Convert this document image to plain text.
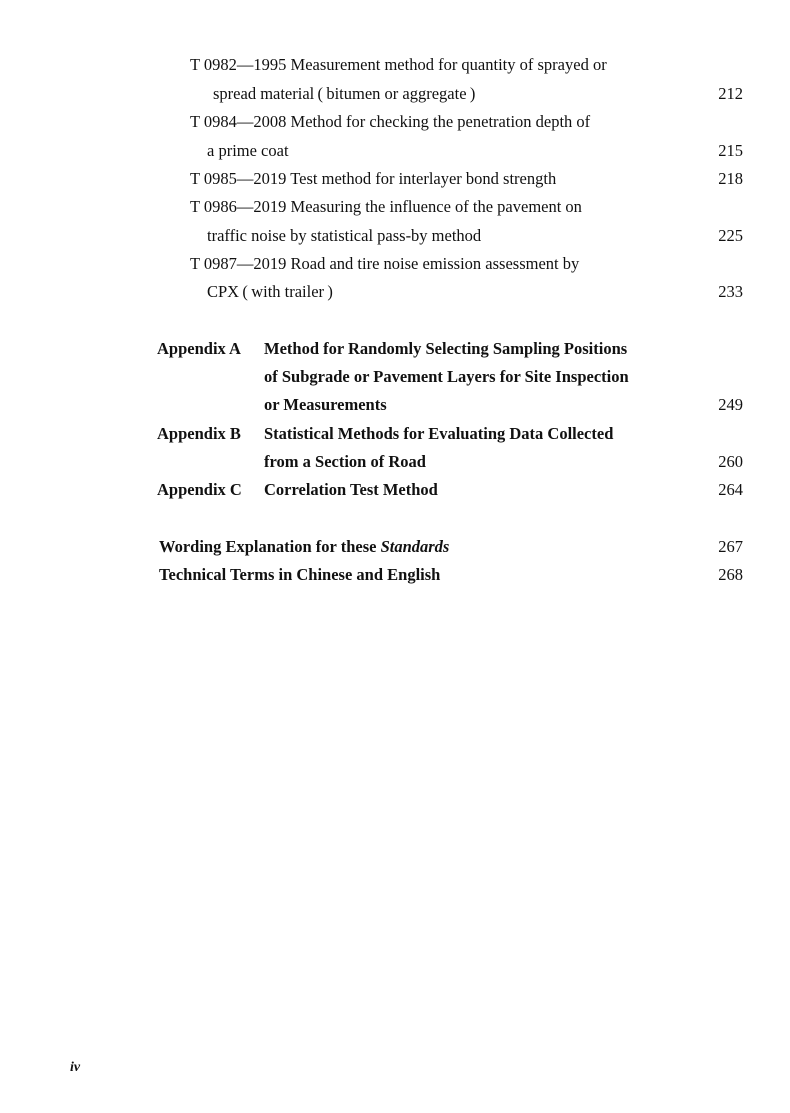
T 0982—1995 Measurement method for quantity of sprayed or
spread material ( bitumen or aggregate )	212
T 0984—2008 Method for checking the penetration depth of
a prime coat	215
T 0985—2019 Test method for interlayer bond strength	218
T 0986—2019 Measuring the influence of the pavement on
traffic noise by statistical pass-by method	225
T 0987—2019 Road and tire noise emission assessment by
CPX ( with trailer )	233
Appendix A Method for Randomly Selecting Sampling Positions
of Subgrade or Pavement Layers for Site Inspection
or Measurements	249
Appendix B Statistical Methods for Evaluating Data Collected
from a Section of Road	260
Appendix C Correlation Test Method	264
Wording Explanation for these Standards	267
Technical Terms in Chinese and English	268
iv
